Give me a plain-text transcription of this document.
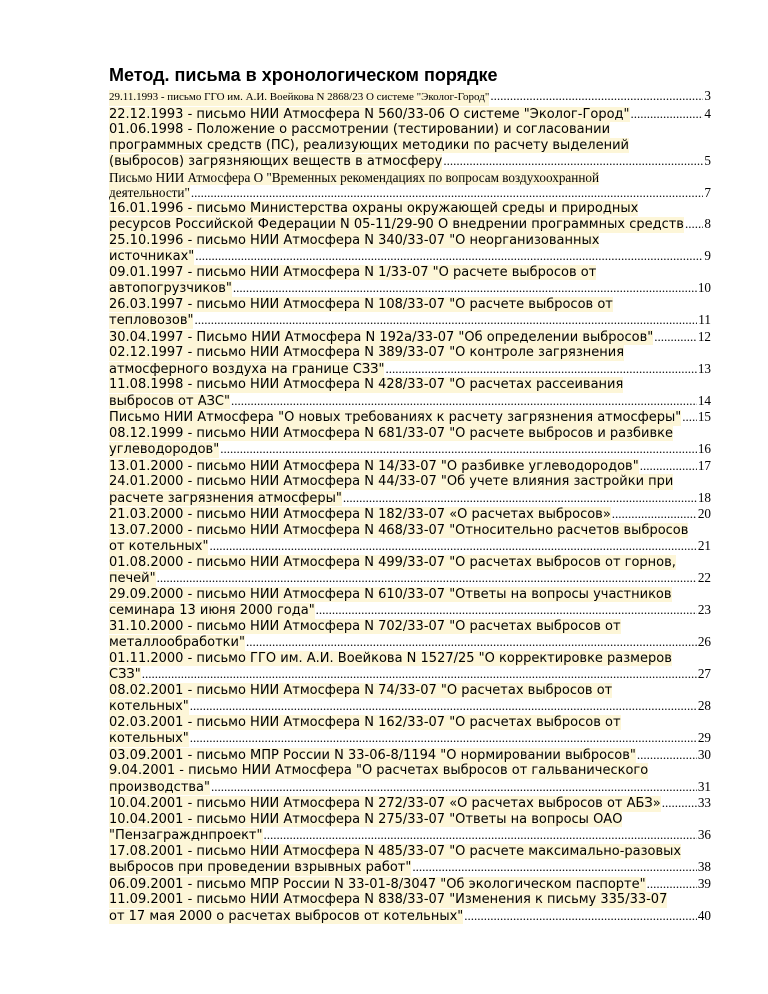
Метод. письма в хронологическом порядке
29.11.1993 - письмо ГГО им. А.И. Воейкова N 2868/23 О системе "Эколог-Город" .....	3
22.12.1993 - письмо НИИ Атмосфера N 560/33-06 О системе "Эколог-Город" .....	4
01.06.1998 - Положение о рассмотрении (тестировании) и согласовании
программных средств (ПС), реализующих методики по расчету выделений
(выбросов) загрязняющих веществ в атмосферу .....	5
Письмо НИИ Атмосфера О "Временных рекомендациях по вопросам воздухоохранной
деятельности" .....	7
16.01.1996 - письмо Министерства охраны окружающей среды и природных
ресурсов Российской Федерации N 05-11/29-90 О внедрении программных средств ..... 8
25.10.1996 - письмо НИИ Атмосфера N 340/33-07 "О неорганизованных
источниках" .....	9
09.01.1997 - письмо НИИ Атмосфера N 1/33-07 "О расчете выбросов от
автопогрузчиков" .....	10
26.03.1997 - письмо НИИ Атмосфера N 108/33-07 "О расчете выбросов от
тепловозов" .....	11
30.04.1997 - Письмо НИИ Атмосфера N 192а/33-07 "Об определении выбросов" .....	12
02.12.1997 - письмо НИИ Атмосфера N 389/33-07 "О контроле загрязнения
атмосферного воздуха на границе СЗЗ" .....	13
11.08.1998 - письмо НИИ Атмосфера N 428/33-07 "О расчетах рассеивания
выбросов от АЗС" .....	14
Письмо НИИ Атмосфера "О новых требованиях к расчету загрязнения атмосферы" ..... 15
08.12.1999 - письмо НИИ Атмосфера N 681/33-07 "О расчете выбросов и разбивке
углеводородов" .....	16
13.01.2000 - письмо НИИ Атмосфера N 14/33-07 "О разбивке углеводородов" .....	17
24.01.2000 - письмо НИИ Атмосфера N 44/33-07 "Об учете влияния застройки при
расчете загрязнения атмосферы" .....	18
21.03.2000 - письмо НИИ Атмосфера N 182/33-07 «О расчетах выбросов» .....	20
13.07.2000 - письмо НИИ Атмосфера N 468/33-07 "Относительно расчетов выбросов
от котельных" .....	21
01.08.2000 - письмо НИИ Атмосфера N 499/33-07 "О расчетах выбросов от горнов,
печей" .....	22
29.09.2000 - письмо НИИ Атмосфера N 610/33-07 "Ответы на вопросы участников
семинара 13 июня 2000 года" .....	23
31.10.2000 - письмо НИИ Атмосфера N 702/33-07 "О расчетах выбросов от
металлообработки" .....	26
01.11.2000 - письмо ГГО им. А.И. Воейкова N 1527/25 "О корректировке размеров
СЗЗ" .....	27
08.02.2001 - письмо НИИ Атмосфера N 74/33-07 "О расчетах выбросов от
котельных" .....	28
02.03.2001 - письмо НИИ Атмосфера N 162/33-07 "О расчетах выбросов от
котельных" .....	29
03.09.2001 - письмо МПР России N 33-06-8/1194 "О нормировании выбросов" .....	30
9.04.2001 - письмо НИИ Атмосфера "О расчетах выбросов от гальванического
производства" .....	31
10.04.2001 - письмо НИИ Атмосфера N 272/33-07 «О расчетах выбросов от АБЗ» .....	33
10.04.2001 - письмо НИИ Атмосфера N 275/33-07 "Ответы на вопросы ОАО
"Пензагражднпроект" .....	36
17.08.2001 - письмо НИИ Атмосфера N 485/33-07 "О расчете максимально-разовых
выбросов при проведении взрывных работ" .....	38
06.09.2001 - письмо МПР России N 33-01-8/3047 "Об экологическом паспорте" .....	39
11.09.2001 - письмо НИИ Атмосфера N 838/33-07 "Изменения к письму 335/33-07
от 17 мая 2000 о расчетах выбросов от котельных" .....	40
